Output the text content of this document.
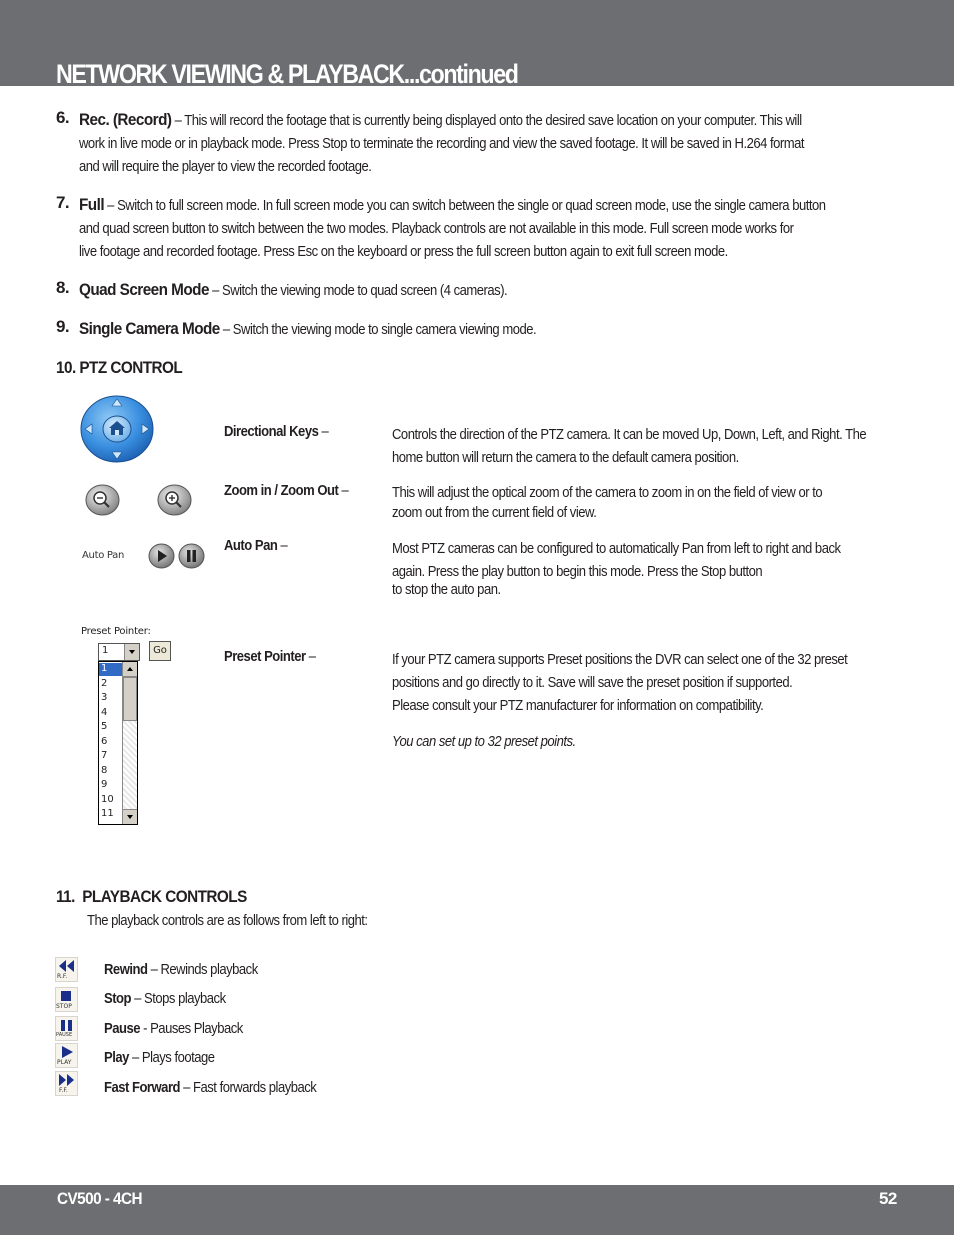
NETWORK VIEWING & PLAYBACK...continued
6. Rec. (Record) – This will record the footage that is currently being displayed onto the desired save location on your computer. This will
work in live mode or in playback mode. Press Stop to terminate the recording and view the saved footage. It will be saved in H.264 format
and will require the player to view the recorded footage.
7. Full – Switch to full screen mode. In full screen mode you can switch between the single or quad screen mode, use the single camera button
and quad screen button to switch between the two modes. Playback controls are not available in this mode. Full screen mode works for
live footage and recorded footage. Press Esc on the keyboard or press the full screen button again to exit full screen mode.
8. Quad Screen Mode – Switch the viewing mode to quad screen (4 cameras).
9. Single Camera Mode – Switch the viewing mode to single camera viewing mode.
10. PTZ CONTROL
Directional Keys –	Controls the direction of the PTZ camera. It can be moved Up, Down, Left, and Right. The
home button will return the camera to the default camera position.
Zoom in / Zoom Out –	This will adjust the optical zoom of the camera to zoom in on the field of view or to
zoom out from the current field of view.
Auto Pan
Auto Pan –	Most PTZ cameras can be configured to automatically Pan from left to right and back
again. Press the play button to begin this mode. Press the Stop button
to stop the auto pan.
Preset Pointer:
1	Go
1
2
3
4
5
6
7
8
9
10
11
Preset Pointer –	If your PTZ camera supports Preset positions the DVR can select one of the 32 preset
positions and go directly to it. Save will save the preset position if supported.
Please consult your PTZ manufacturer for information on compatibility.
You can set up to 32 preset points.
11.  PLAYBACK CONTROLS
The playback controls are as follows from left to right:
R.F.	Rewind – Rewinds playback
STOP Stop – Stops playback
PAUSE Pause - Pauses Playback
PLAY Play – Plays footage
F.F. Fast Forward – Fast forwards playback
CV500 - 4CH	52
